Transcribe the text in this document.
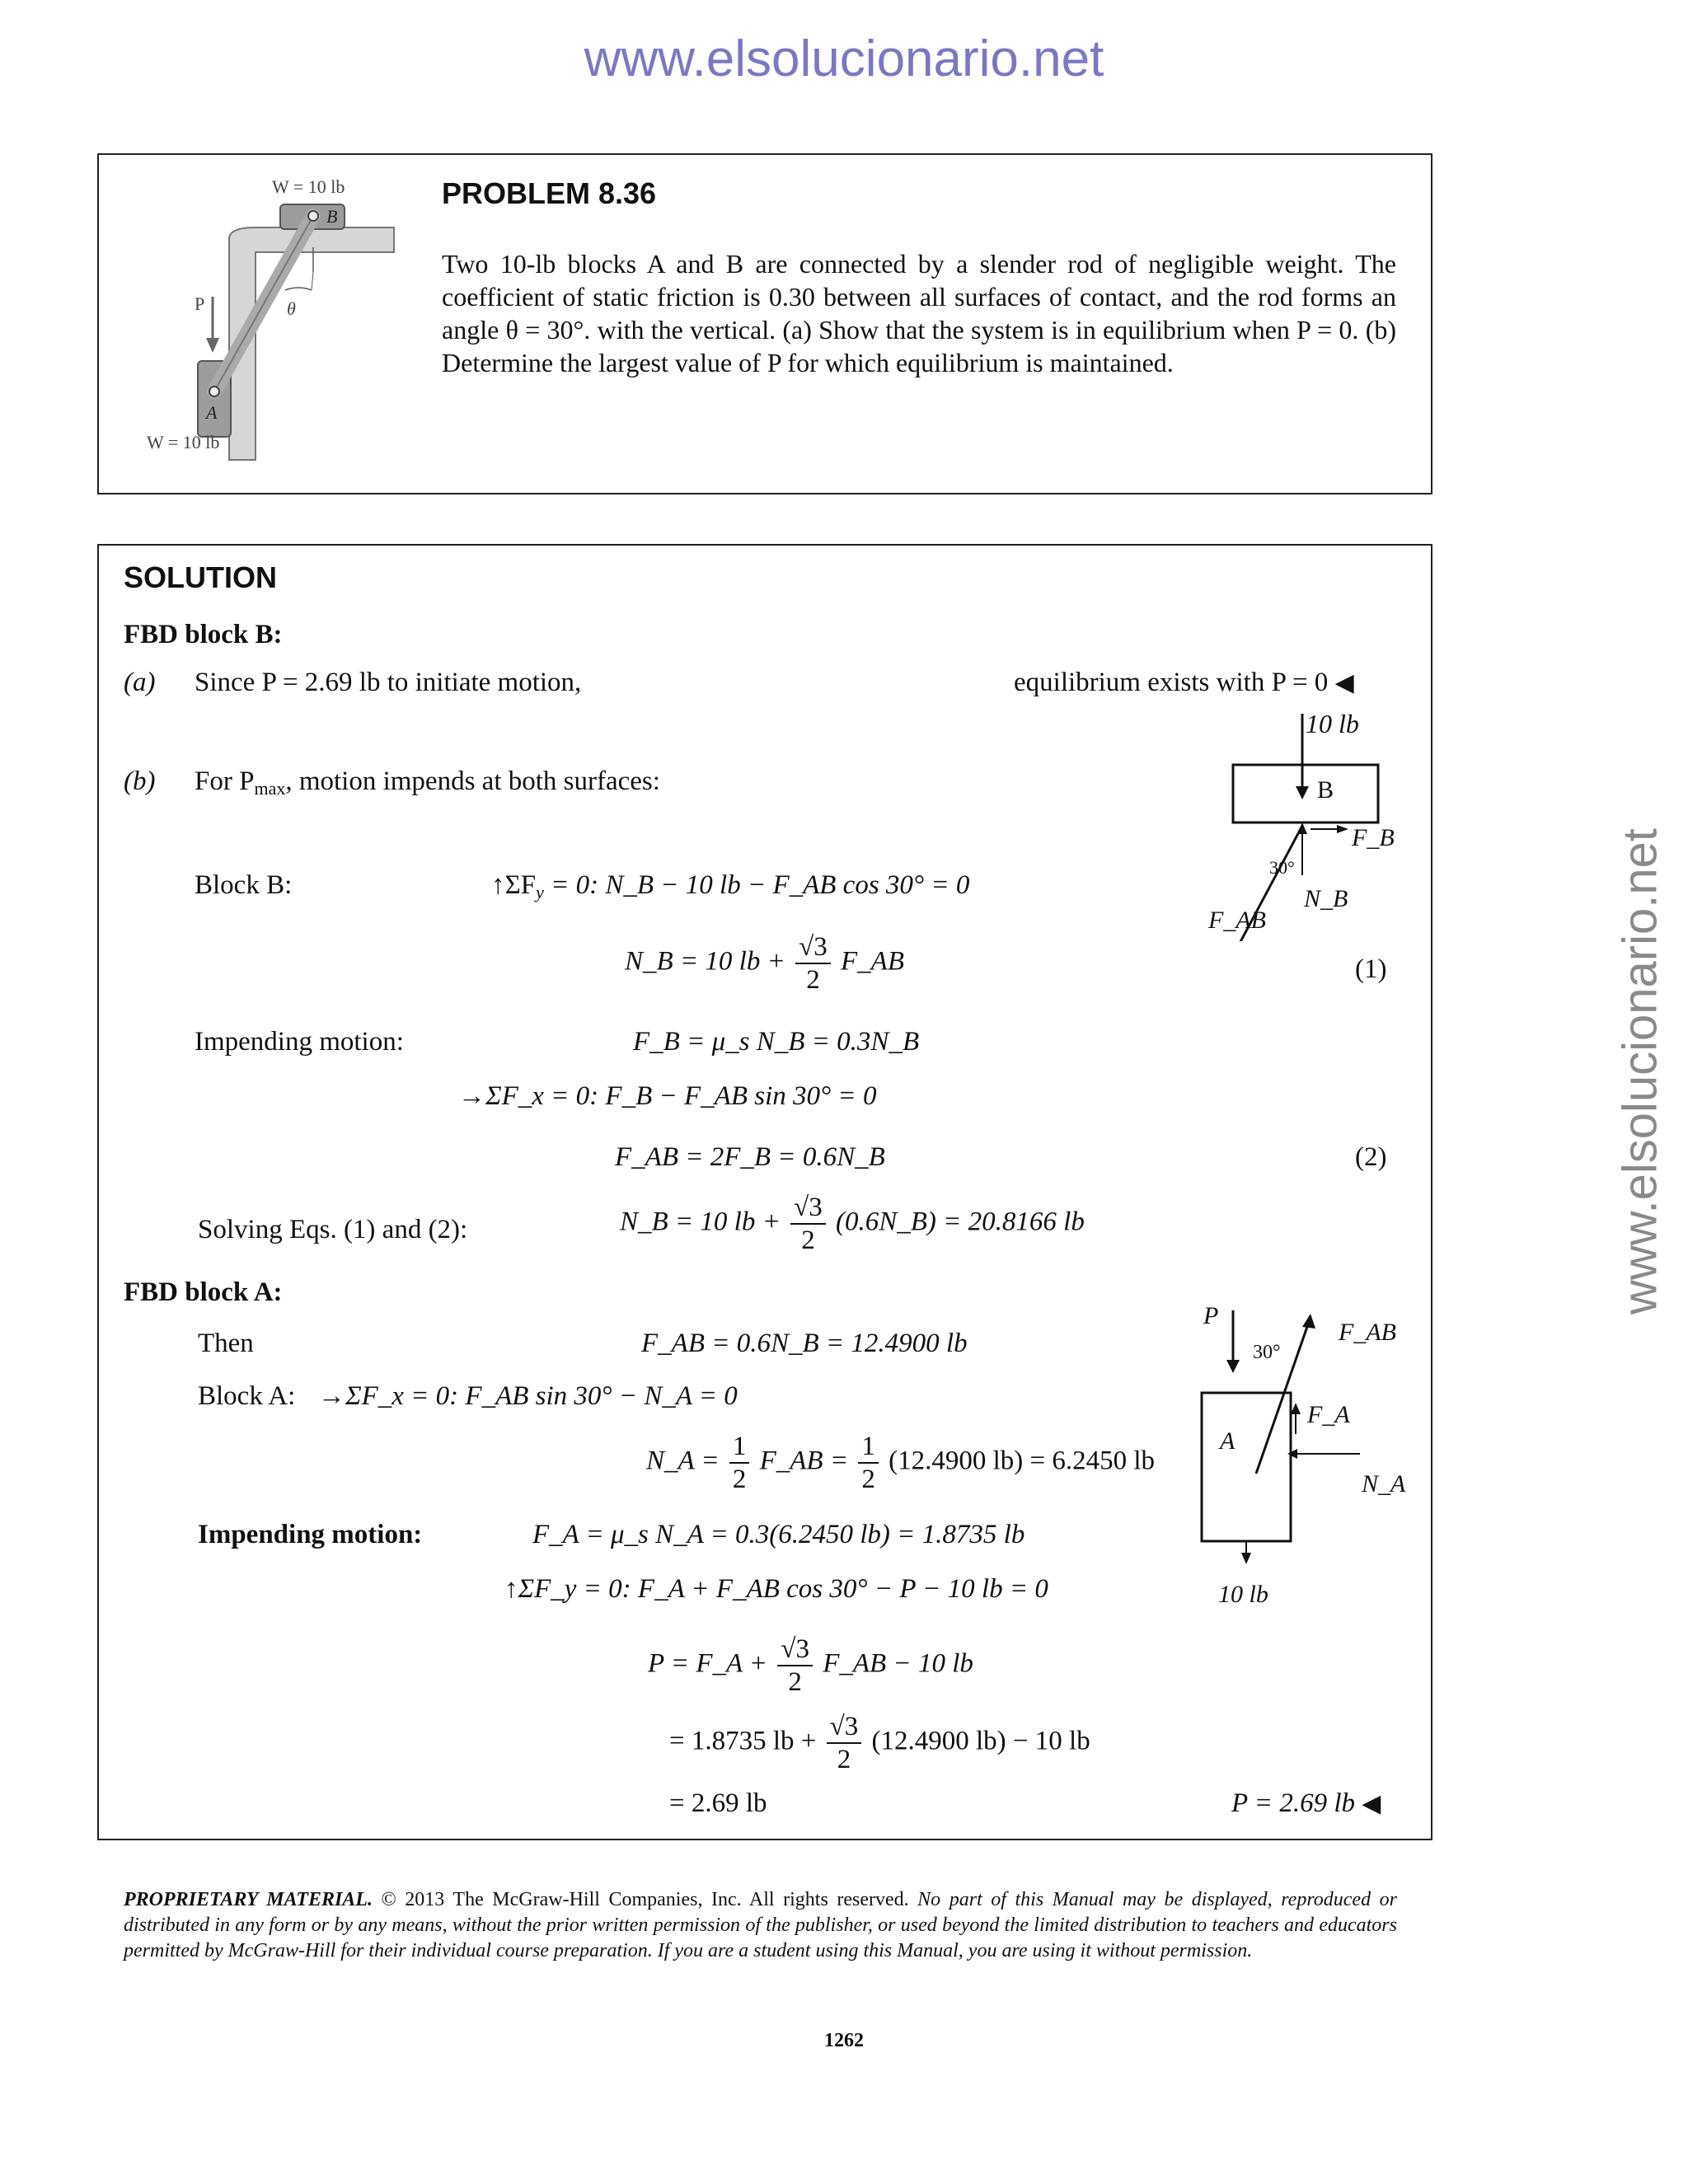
www.elsolucionario.net
www.elsolucionario.net
W = 10 lb
B
P	θ
A
W = 10 lb
PROBLEM 8.36
Two 10-lb blocks A and B are connected by a slender rod of negligible weight. The coefficient of static friction is 0.30 between all surfaces of contact, and the rod forms an angle θ = 30°. with the vertical. (a) Show that the system is in equilibrium when P = 0. (b) Determine the largest value of P for which equilibrium is maintained.
SOLUTION
FBD block B:
(a) Since P = 2.69 lb to initiate motion,	equilibrium exists with P = 0 ◀
10 lb
B
F_B
30°
N_B
F_AB
(b) For Pmax, motion impends at both surfaces:
Block B:	↑ΣFy = 0: N_B − 10 lb − F_AB cos 30° = 0
N_B = 10 lb + $\frac{√3}{2}$ F_AB	(1)
Impending motion:	F_B = μ_s N_B = 0.3N_B
→ΣF_x = 0: F_B − F_AB sin 30° = 0
F_AB = 2F_B = 0.6N_B	(2)
Solving Eqs. (1) and (2):	N_B = 10 lb + $\frac{√3}{2}$ (0.6N_B) = 20.8166 lb
FBD block A:
P
30°
F_AB
F_A
A
N_A
10 lb
Then	F_AB = 0.6N_B = 12.4900 lb
Block A: →ΣF_x = 0: F_AB sin 30° − N_A = 0
N_A = $\frac{1}{2}$ F_AB = $\frac{1}{2} (12.4900$ lb) = 6.2450 lb
Impending motion:	F_A = μ_s N_A = 0.3(6.2450 lb) = 1.8735 lb
↑ΣF_y = 0: F_A + F_AB cos 30° − P − 10 lb = 0
P = F_A + $\frac{√3}{2}$ F_AB − 10 lb
= 1.8735 lb + $\frac{√3}{2} (12.4900$ lb) − 10 lb
= 2.69 lb	P = 2.69 lb ◀
PROPRIETARY MATERIAL. © 2013 The McGraw-Hill Companies, Inc. All rights reserved. No part of this Manual may be displayed, reproduced or distributed in any form or by any means, without the prior written permission of the publisher, or used beyond the limited distribution to teachers and educators permitted by McGraw-Hill for their individual course preparation. If you are a student using this Manual, you are using it without permission.
1262
